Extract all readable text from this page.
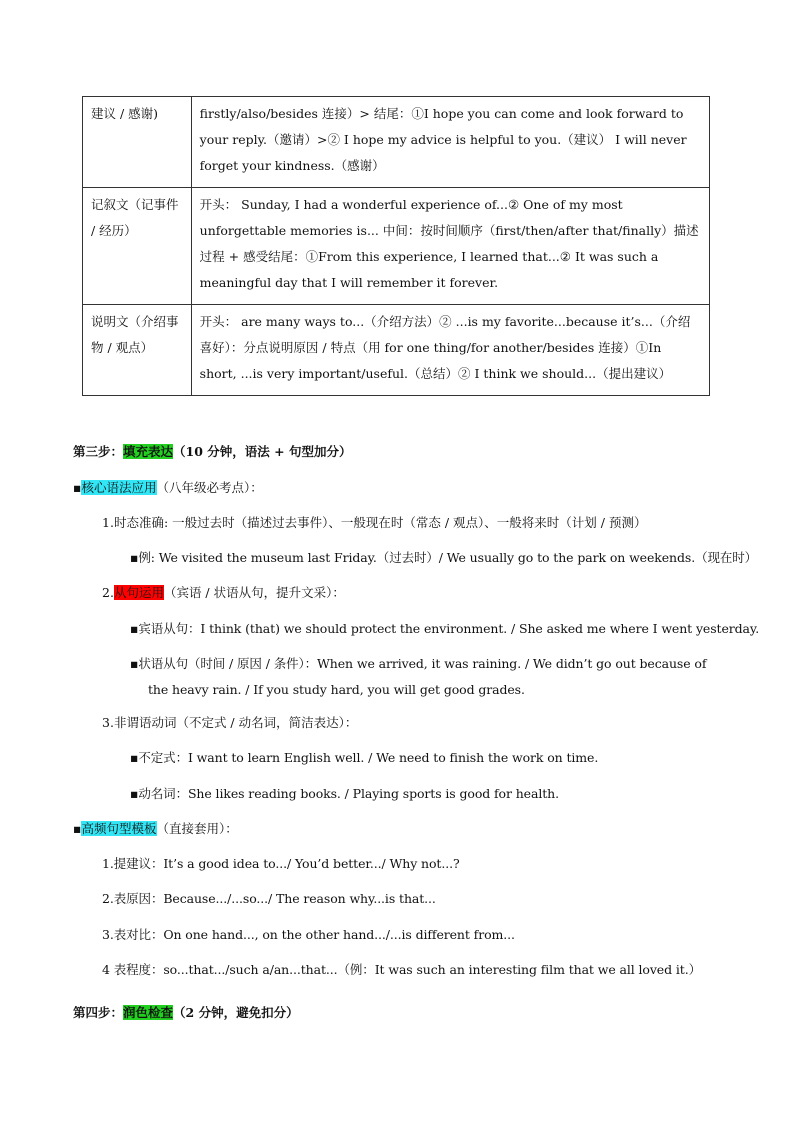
建议 / 感谢)	firstly/also/besides 连接）> 结尾：①I hope you can come and look forward to your reply.（邀请）>② I hope my advice is helpful to you.（建议） I will never forget your kindness.（感谢）
记叙文（记事件 / 经历）	开头： Sunday, I had a wonderful experience of...② One of my most unforgettable memories is... 中间：按时间顺序（first/then/after that/finally）描述过程 + 感受结尾：①From this experience, I learned that...② It was such a meaningful day that I will remember it forever.
说明文（介绍事物 / 观点）	开头： are many ways to...（介绍方法）② ...is my favorite...because it’s...（介绍喜好）：分点说明原因 / 特点（用 for one thing/for another/besides 连接）①In short, ...is very important/useful.（总结）② I think we should...（提出建议）
第三步：填充表达（10 分钟，语法 + 句型加分）
▪核心语法应用（八年级必考点）：
1.时态准确: 一般过去时（描述过去事件）、一般现在时（常态 / 观点）、一般将来时（计划 / 预测）
▪例: We visited the museum last Friday.（过去时）/ We usually go to the park on weekends.（现在时）
2.从句运用（宾语 / 状语从句，提升文采）：
▪宾语从句：I think (that) we should protect the environment. / She asked me where I went yesterday.
▪状语从句（时间 / 原因 / 条件）：When we arrived, it was raining. / We didn’t go out because of
the heavy rain. / If you study hard, you will get good grades.
3.非谓语动词（不定式 / 动名词，简洁表达）：
▪不定式：I want to learn English well. / We need to finish the work on time.
▪动名词：She likes reading books. / Playing sports is good for health.
▪高频句型模板（直接套用）：
1.提建议：It’s a good idea to.../ You’d better.../ Why not...?
2.表原因：Because.../...so.../ The reason why...is that...
3.表对比：On one hand..., on the other hand.../...is different from...
4 表程度：so...that.../such a/an...that...（例：It was such an interesting film that we all loved it.）
第四步：润色检查（2 分钟，避免扣分）
